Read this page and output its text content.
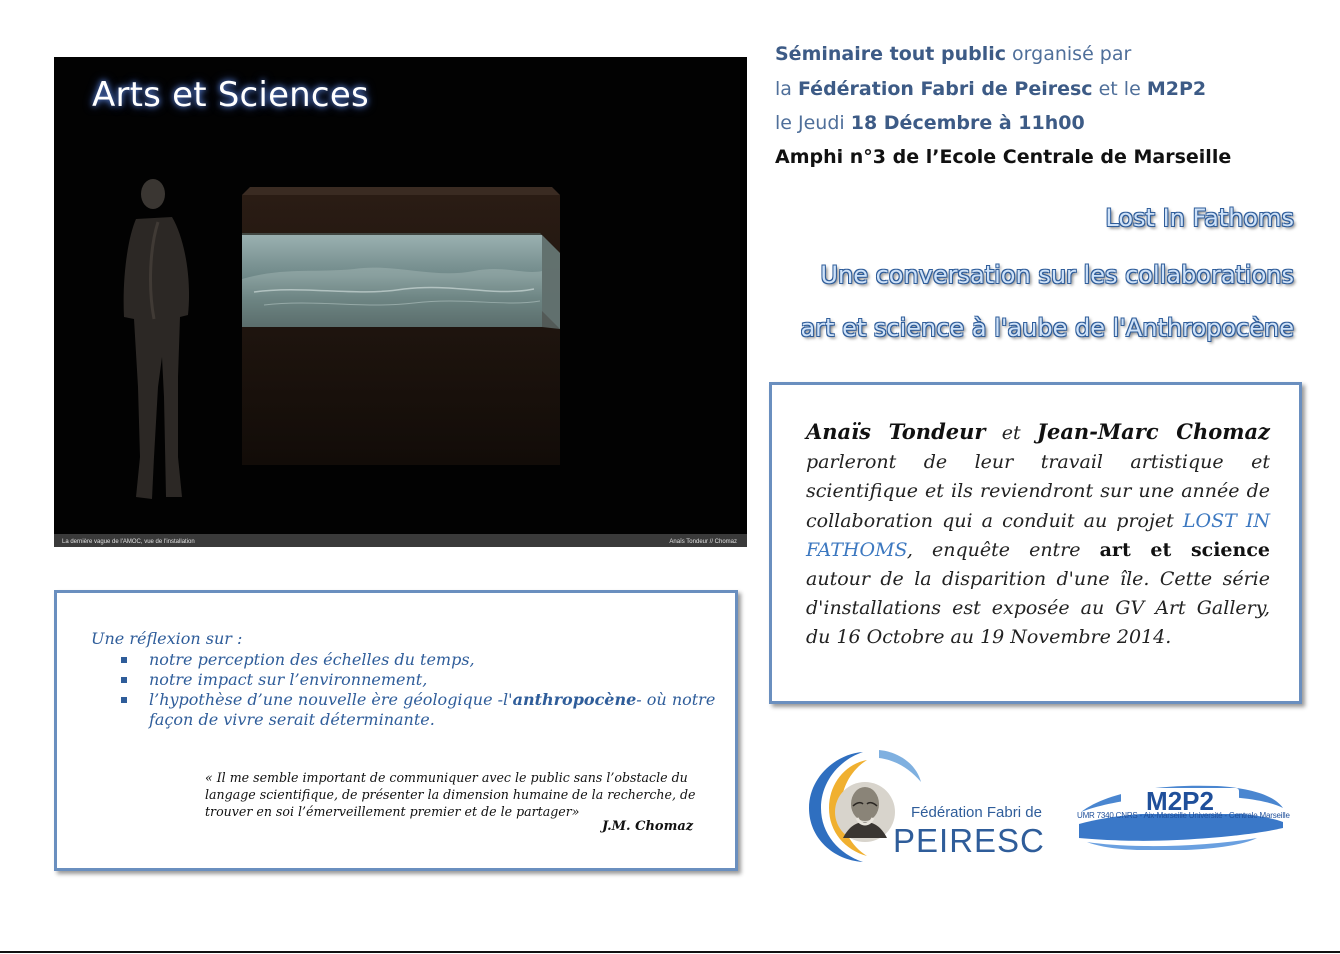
Arts et Sciences
La dernière vague de l'AMOC, vue de l'installation	Anaïs Tondeur // Chomaz
Séminaire tout public organisé par
la Fédération Fabri de Peiresc et le M2P2
le Jeudi 18 Décembre à 11h00
Amphi n°3 de l’Ecole Centrale de Marseille
Lost In Fathoms
Une conversation sur les collaborations
art et science à l'aube de l'Anthropocène
Anaïs Tondeur et Jean-Marc Chomaz parleront de leur travail artistique et scientifique et ils reviendront sur une année de collaboration qui a conduit au projet LOST IN FATHOMS, enquête entre art et science autour de la disparition d'une île. Cette série d'installations est exposée au GV Art Gallery, du 16 Octobre au 19 Novembre 2014.
Une réflexion sur :
notre perception des échelles du temps,
notre impact sur l’environnement,
l’hypothèse d’une nouvelle ère géologique -l'anthropocène- où notre
façon de vivre serait déterminante.
« Il me semble important de communiquer avec le public sans l’obstacle du langage scientifique, de présenter la dimension humaine de la recherche, de trouver en soi l’émerveillement premier et de le partager»
J.M. Chomaz
Fédération Fabri de
PEIRESC
M2P2
UMR 7340 CNRS - Aix-Marseille Université - Centrale Marseille
